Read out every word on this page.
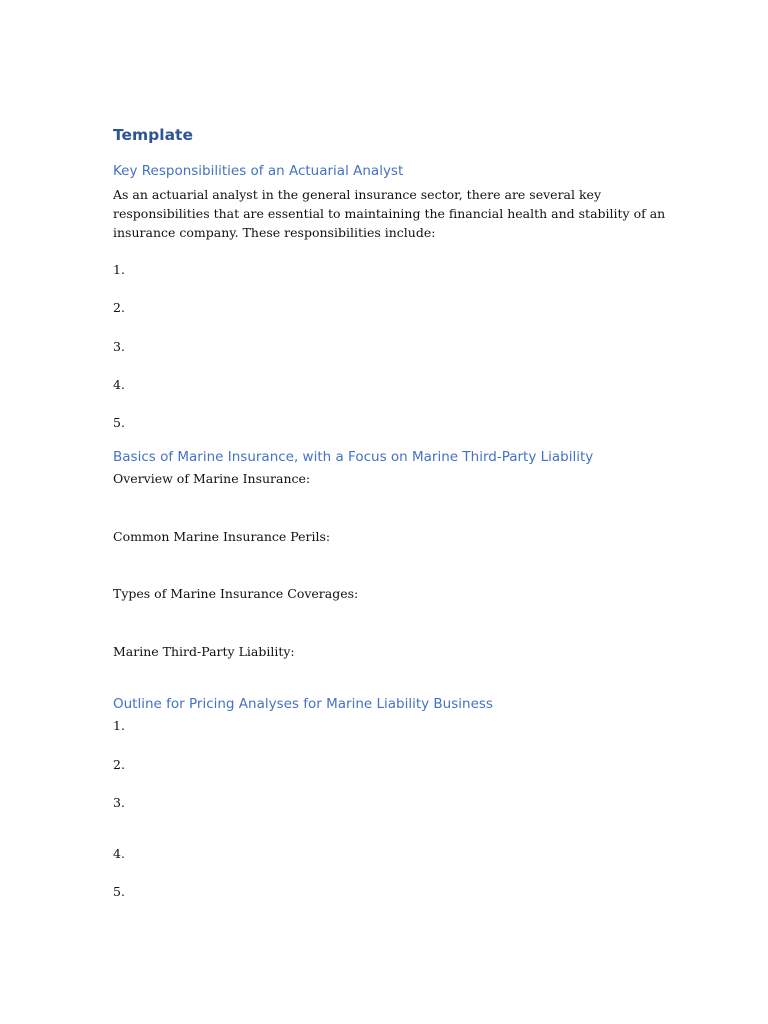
Template
Key Responsibilities of an Actuarial Analyst
As an actuarial analyst in the general insurance sector, there are several key responsibilities that are essential to maintaining the financial health and stability of an insurance company. These responsibilities include:
1.
2.
3.
4.
5.
Basics of Marine Insurance, with a Focus on Marine Third-Party Liability
Overview of Marine Insurance:
Common Marine Insurance Perils:
Types of Marine Insurance Coverages:
Marine Third-Party Liability:
Outline for Pricing Analyses for Marine Liability Business
1.
2.
3.
4.
5.
